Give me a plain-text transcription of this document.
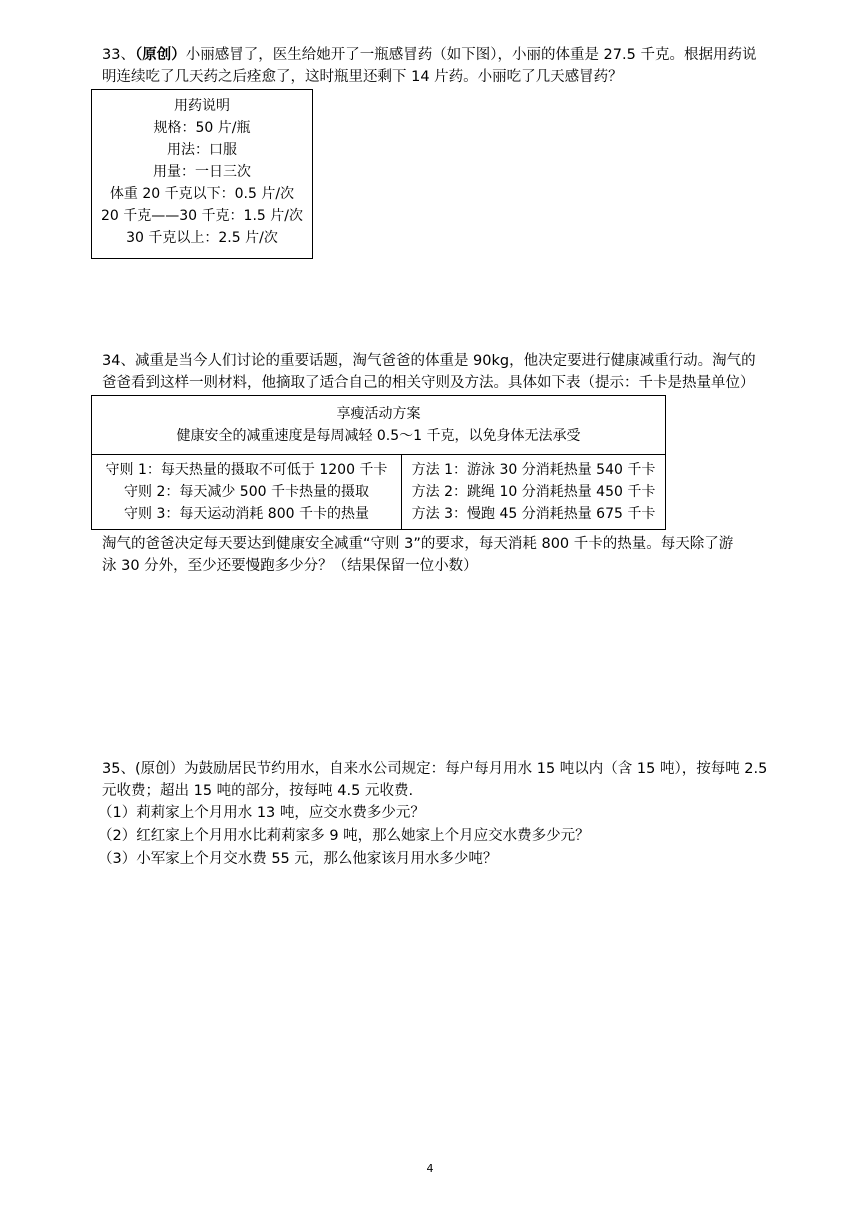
33、（原创）小丽感冒了，医生给她开了一瓶感冒药（如下图），小丽的体重是 27.5 千克。根据用药说
明连续吃了几天药之后痊愈了，这时瓶里还剩下 14 片药。小丽吃了几天感冒药？
用药说明
规格：50 片/瓶
用法：口服
用量：一日三次
体重 20 千克以下：0.5 片/次
20 千克——30 千克：1.5 片/次
30 千克以上：2.5 片/次
34、减重是当今人们讨论的重要话题，淘气爸爸的体重是 90kg，他决定要进行健康减重行动。淘气的
爸爸看到这样一则材料，他摘取了适合自己的相关守则及方法。具体如下表（提示：千卡是热量单位）
享瘦活动方案
健康安全的减重速度是每周减轻 0.5～1 千克，以免身体无法承受

守则 1：每天热量的摄取不可低于 1200 千卡
守则 2：每天减少 500 千卡热量的摄取
守则 3：每天运动消耗 800 千卡的热量

方法 1：游泳 30 分消耗热量 540 千卡
方法 2：跳绳 10 分消耗热量 450 千卡
方法 3：慢跑 45 分消耗热量 675 千卡
淘气的爸爸决定每天要达到健康安全减重“守则 3”的要求，每天消耗 800 千卡的热量。每天除了游
泳 30 分外，至少还要慢跑多少分？（结果保留一位小数）
35、(原创）为鼓励居民节约用水，自来水公司规定：每户每月用水 15 吨以内（含 15 吨），按每吨 2.5
元收费；超出 15 吨的部分，按每吨 4.5 元收费.
（1）莉莉家上个月用水 13 吨，应交水费多少元？
（2）红红家上个月用水比莉莉家多 9 吨，那么她家上个月应交水费多少元？
（3）小军家上个月交水费 55 元，那么他家该月用水多少吨？
4
